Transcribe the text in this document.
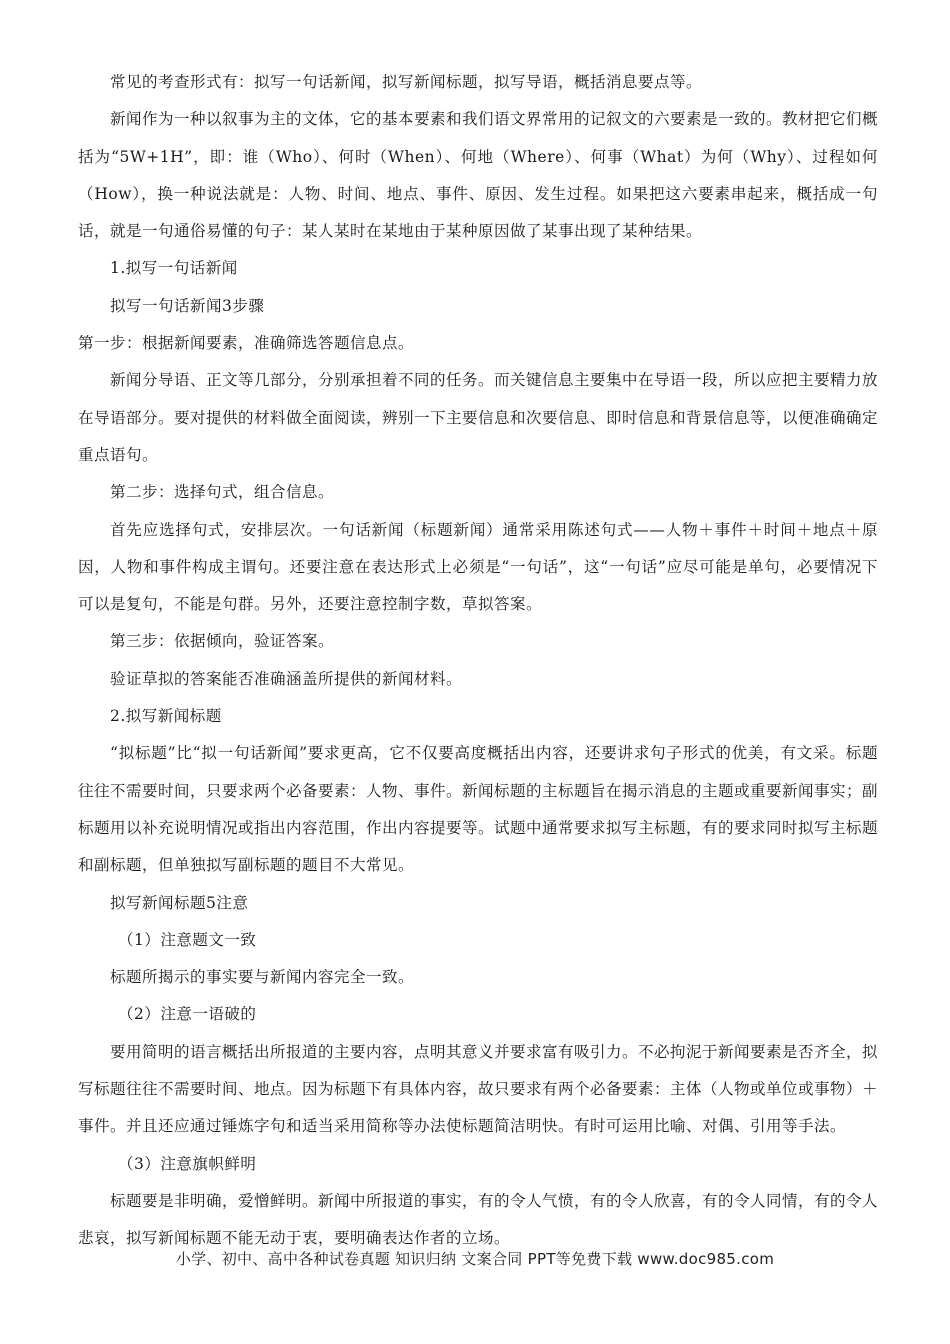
常见的考查形式有：拟写一句话新闻，拟写新闻标题，拟写导语，概括消息要点等。

新闻作为一种以叙事为主的文体，它的基本要素和我们语文界常用的记叙文的六要素是一致的。教材把它们概括为“5W+1H”，即：谁（Who）、何时（When）、何地（Where）、何事（What）为何（Why）、过程如何（How），换一种说法就是：人物、时间、地点、事件、原因、发生过程。如果把这六要素串起来，概括成一句话，就是一句通俗易懂的句子：某人某时在某地由于某种原因做了某事出现了某种结果。

1.拟写一句话新闻

拟写一句话新闻3步骤

第一步：根据新闻要素，准确筛选答题信息点。

新闻分导语、正文等几部分，分别承担着不同的任务。而关键信息主要集中在导语一段，所以应把主要精力放在导语部分。要对提供的材料做全面阅读，辨别一下主要信息和次要信息、即时信息和背景信息等，以便准确确定重点语句。

第二步：选择句式，组合信息。

首先应选择句式，安排层次。一句话新闻（标题新闻）通常采用陈述句式——人物＋事件＋时间＋地点＋原因，人物和事件构成主谓句。还要注意在表达形式上必须是“一句话”，这“一句话”应尽可能是单句，必要情况下可以是复句，不能是句群。另外，还要注意控制字数，草拟答案。

第三步：依据倾向，验证答案。

验证草拟的答案能否准确涵盖所提供的新闻材料。

2.拟写新闻标题

“拟标题”比“拟一句话新闻”要求更高，它不仅要高度概括出内容，还要讲求句子形式的优美，有文采。标题往往不需要时间，只要求两个必备要素：人物、事件。新闻标题的主标题旨在揭示消息的主题或重要新闻事实；副标题用以补充说明情况或指出内容范围，作出内容提要等。试题中通常要求拟写主标题，有的要求同时拟写主标题和副标题，但单独拟写副标题的题目不大常见。

拟写新闻标题5注意

（1）注意题文一致

标题所揭示的事实要与新闻内容完全一致。

（2）注意一语破的

要用简明的语言概括出所报道的主要内容，点明其意义并要求富有吸引力。不必拘泥于新闻要素是否齐全，拟写标题往往不需要时间、地点。因为标题下有具体内容，故只要求有两个必备要素：主体（人物或单位或事物）＋事件。并且还应通过锤炼字句和适当采用简称等办法使标题简洁明快。有时可运用比喻、对偶、引用等手法。

（3）注意旗帜鲜明

标题要是非明确，爱憎鲜明。新闻中所报道的事实，有的令人气愤，有的令人欣喜，有的令人同情，有的令人悲哀，拟写新闻标题不能无动于衷，要明确表达作者的立场。

小学、初中、高中各种试卷真题 知识归纳 文案合同 PPT等免费下载 www.doc985.com
